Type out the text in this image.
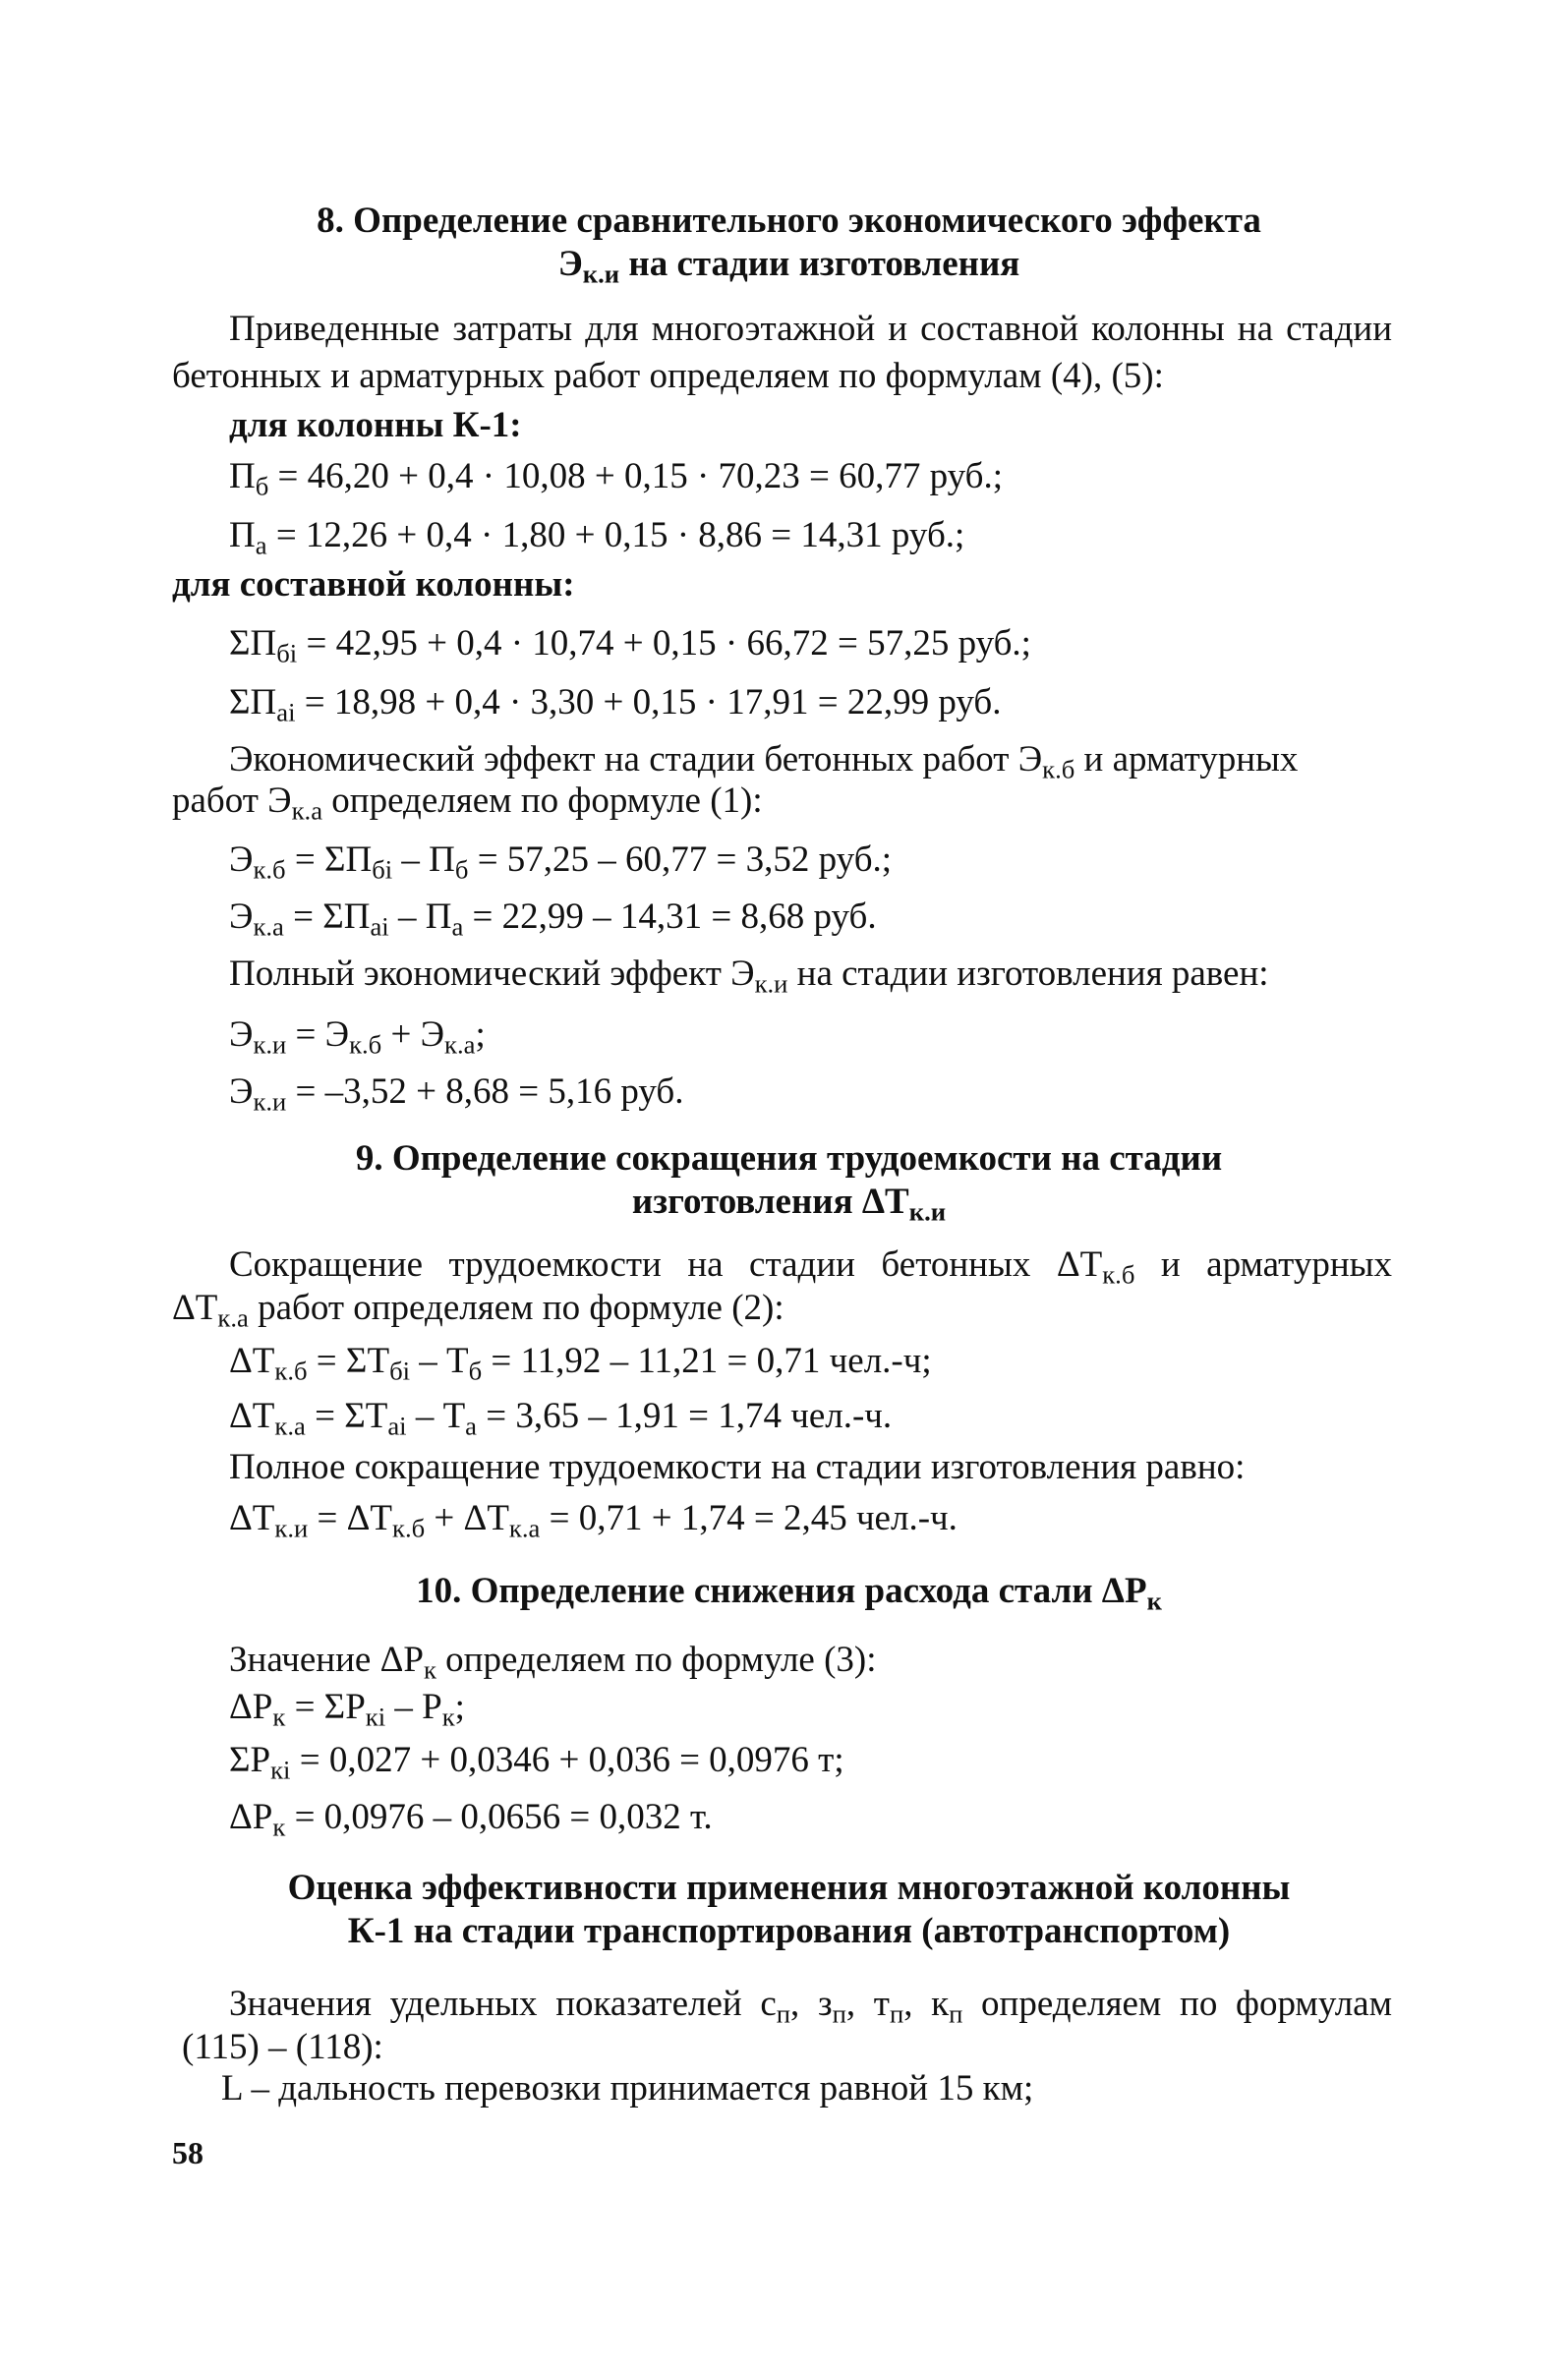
8. Определение сравнительного экономического эффекта
$Э_{к.и}$ на стадии изготовления
Приведенные затраты для многоэтажной и составной колонны на стадии
бетонных и арматурных работ определяем по формулам (4), (5):
для колонны К-1:
$П_б = 46,20 + 0,4 \cdot 10,08 + 0,15 \cdot 70,23 = 60,77$ руб.;
$П_а = 12,26 + 0,4 \cdot 1,80 + 0,15 \cdot 8,86 = 14,31$ руб.;
для составной колонны:
$\Sigma П_{бi} = 42,95 + 0,4 \cdot 10,74 + 0,15 \cdot 66,72 = 57,25$ руб.;
$\Sigma П_{аi} = 18,98 + 0,4 \cdot 3,30 + 0,15 \cdot 17,91 = 22,99$ руб.
Экономический эффект на стадии бетонных работ $Э_{к.б}$ и арматурных
работ $Э_{к.а}$ определяем по формуле (1):
$Э_{к.б} = \Sigma П_{бi} - П_б = 57,25 - 60,77 = 3,52$ руб.;
$Э_{к.а} = \Sigma П_{аi} - П_а = 22,99 - 14,31 = 8,68$ руб.
Полный экономический эффект $Э_{к.и}$ на стадии изготовления равен:
$Э_{к.и} = Э_{к.б} + Э_{к.а}$;
$Э_{к.и} = -3,52 + 8,68 = 5,16$ руб.
9. Определение сокращения трудоемкости на стадии
изготовления $\Delta Т_{к.и}$
Сокращение трудоемкости на стадии бетонных $\Delta Т_{к.б}$ и арматурных
$\Delta Т_{к.а}$ работ определяем по формуле (2):
$\Delta Т_{к.б} = \Sigma Т_{бi} - Т_б = 11,92 - 11,21 = 0,71$ чел.-ч;
$\Delta Т_{к.а} = \Sigma Т_{аi} - Т_а = 3,65 - 1,91 = 1,74$ чел.-ч.
Полное сокращение трудоемкости на стадии изготовления равно:
$\Delta Т_{к.и} = \Delta Т_{к.б} + \Delta Т_{к.а} = 0,71 + 1,74 = 2,45$ чел.-ч.
10. Определение снижения расхода стали $\Delta Р_к$
Значение $\Delta Р_к$ определяем по формуле (3):
$\Delta Р_к = \Sigma Р_{кi} - Р_к$;
$\Sigma Р_{кi} = 0,027 + 0,0346 + 0,036 = 0,0976$ т;
$\Delta Р_к = 0,0976 - 0,0656 = 0,032$ т.
Оценка эффективности применения многоэтажной колонны
К-1 на стадии транспортирования (автотранспортом)
Значения удельных показателей $с_п$, $з_п$, $т_п$, $к_п$ определяем по формулам
(115) – (118):
L – дальность перевозки принимается равной 15 км;
58
